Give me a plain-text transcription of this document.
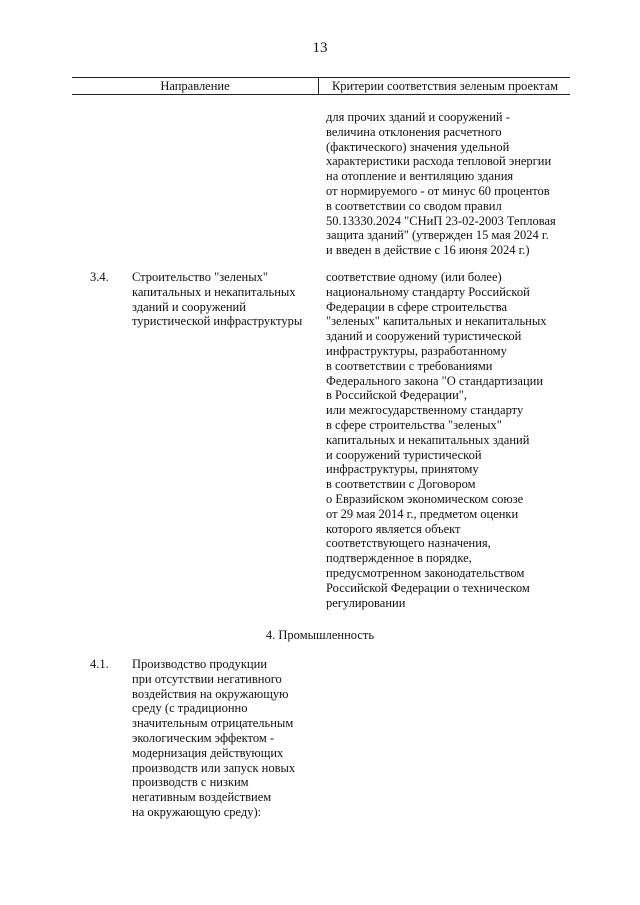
13
Направление	Критерии соответствия зеленым проектам
для прочих зданий и сооружений -
величина отклонения расчетного
(фактического) значения удельной
характеристики расхода тепловой энергии
на отопление и вентиляцию здания
от нормируемого - от минус 60 процентов
в соответствии со сводом правил
50.13330.2024 "СНиП 23-02-2003 Тепловая
защита зданий" (утвержден 15 мая 2024 г.
и введен в действие с 16 июня 2024 г.)
3.4. Строительство "зеленых"
капитальных и некапитальных
зданий и сооружений
туристической инфраструктуры
соответствие одному (или более)
национальному стандарту Российской
Федерации в сфере строительства
"зеленых" капитальных и некапитальных
зданий и сооружений туристической
инфраструктуры, разработанному
в соответствии с требованиями
Федерального закона "О стандартизации
в Российской Федерации",
или межгосударственному стандарту
в сфере строительства "зеленых"
капитальных и некапитальных зданий
и сооружений туристической
инфраструктуры, принятому
в соответствии с Договором
о Евразийском экономическом союзе
от 29 мая 2014 г., предметом оценки
которого является объект
соответствующего назначения,
подтвержденное в порядке,
предусмотренном законодательством
Российской Федерации о техническом
регулировании
4. Промышленность
4.1. Производство продукции
при отсутствии негативного
воздействия на окружающую
среду (с традиционно
значительным отрицательным
экологическим эффектом -
модернизация действующих
производств или запуск новых
производств с низким
негативным воздействием
на окружающую среду):
